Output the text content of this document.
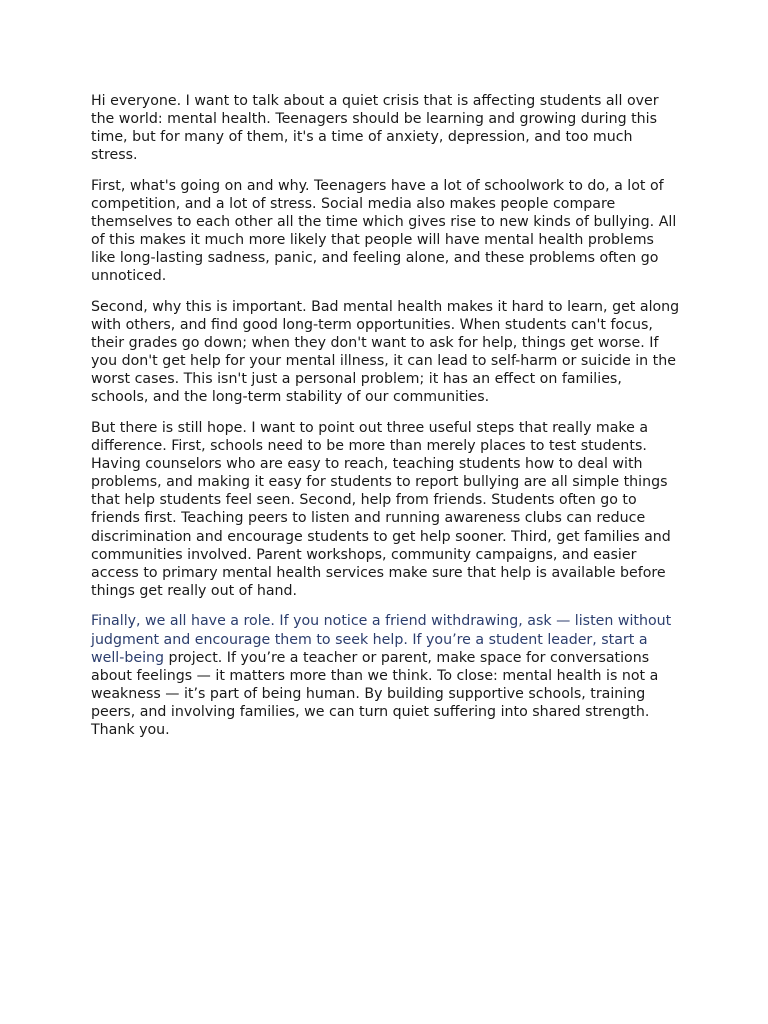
Hi everyone. I want to talk about a quiet crisis that is affecting students all over the world: mental health. Teenagers should be learning and growing during this time, but for many of them, it's a time of anxiety, depression, and too much stress.

First, what's going on and why. Teenagers have a lot of schoolwork to do, a lot of competition, and a lot of stress. Social media also makes people compare themselves to each other all the time which gives rise to new kinds of bullying. All of this makes it much more likely that people will have mental health problems like long-lasting sadness, panic, and feeling alone, and these problems often go unnoticed.

Second, why this is important. Bad mental health makes it hard to learn, get along with others, and find good long-term opportunities. When students can't focus, their grades go down; when they don't want to ask for help, things get worse. If you don't get help for your mental illness, it can lead to self-harm or suicide in the worst cases. This isn't just a personal problem; it has an effect on families, schools, and the long-term stability of our communities.

But there is still hope. I want to point out three useful steps that really make a difference. First, schools need to be more than merely places to test students. Having counselors who are easy to reach, teaching students how to deal with problems, and making it easy for students to report bullying are all simple things that help students feel seen. Second, help from friends. Students often go to friends first. Teaching peers to listen and running awareness clubs can reduce discrimination and encourage students to get help sooner. Third, get families and communities involved. Parent workshops, community campaigns, and easier access to primary mental health services make sure that help is available before things get really out of hand.

Finally, we all have a role. If you notice a friend withdrawing, ask — listen without judgment and encourage them to seek help. If you’re a student leader, start a well-being project. If you’re a teacher or parent, make space for conversations about feelings — it matters more than we think. To close: mental health is not a weakness — it’s part of being human. By building supportive schools, training peers, and involving families, we can turn quiet suffering into shared strength. Thank you.
